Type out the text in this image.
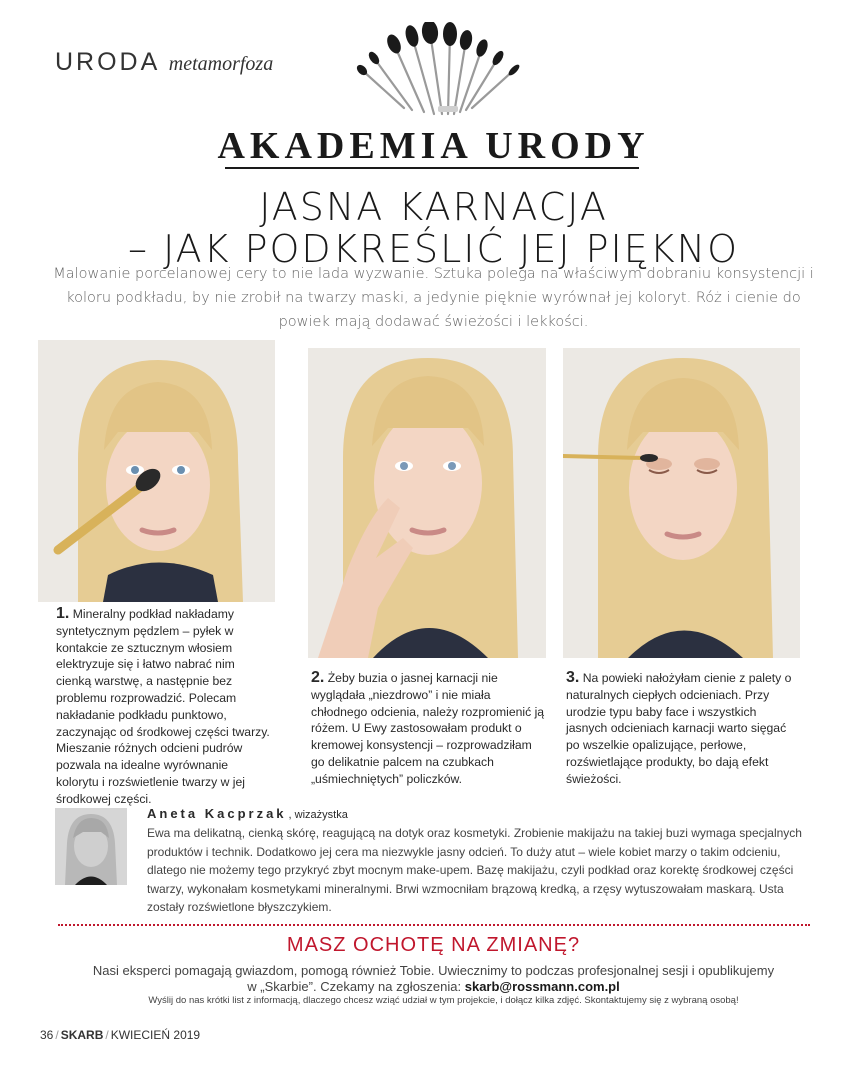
URODA metamorfoza
AKADEMIA URODY
JASNA KARNACJA
– JAK PODKREŚLIĆ JEJ PIĘKNO
Malowanie porcelanowej cery to nie lada wyzwanie. Sztuka polega na właściwym dobraniu konsystencji i koloru podkładu, by nie zrobił na twarzy maski, a jedynie pięknie wyrównał jej koloryt. Róż i cienie do powiek mają dodawać świeżości i lekkości.
1. Mineralny podkład nakładamy syntetycznym pędzlem – pyłek w kontakcie ze sztucznym włosiem elektryzuje się i łatwo nabrać nim cienką warstwę, a następnie bez problemu rozprowadzić. Polecam nakładanie podkładu punktowo, zaczynając od środkowej części twarzy. Mieszanie różnych odcieni pudrów pozwala na idealne wyrównanie kolorytu i rozświetlenie twarzy w jej środkowej części.
2. Żeby buzia o jasnej karnacji nie wyglądała „niezdrowo” i nie miała chłodnego odcienia, należy rozpromienić ją różem. U Ewy zastosowałam produkt o kremowej konsystencji – rozprowadziłam go delikatnie palcem na czubkach „uśmiechniętych” policzków.
3. Na powieki nałożyłam cienie z palety o naturalnych ciepłych odcieniach. Przy urodzie typu baby face i wszystkich jasnych odcieniach karnacji warto sięgać po wszelkie opalizujące, perłowe, rozświetlające produkty, bo dają efekt świeżości.
Aneta Kacprzak , wizażystka
Ewa ma delikatną, cienką skórę, reagującą na dotyk oraz kosmetyki. Zrobienie makijażu na takiej buzi wymaga specjalnych produktów i technik. Dodatkowo jej cera ma niezwykle jasny odcień. To duży atut – wiele kobiet marzy o takim odcieniu, dlatego nie możemy tego przykryć zbyt mocnym make-upem. Bazę makijażu, czyli podkład oraz korektę środkowej części twarzy, wykonałam kosmetykami mineralnymi. Brwi wzmocniłam brązową kredką, a rzęsy wytuszowałam maskarą. Usta zostały rozświetlone błyszczykiem.
MASZ OCHOTĘ NA ZMIANĘ?
Nasi eksperci pomagają gwiazdom, pomogą również Tobie. Uwiecznimy to podczas profesjonalnej sesji i opublikujemy w „Skarbie”. Czekamy na zgłoszenia: skarb@rossmann.com.pl
Wyślij do nas krótki list z informacją, dlaczego chcesz wziąć udział w tym projekcie, i dołącz kilka zdjęć. Skontaktujemy się z wybraną osobą!
36 / SKARB / KWIECIEŃ 2019
